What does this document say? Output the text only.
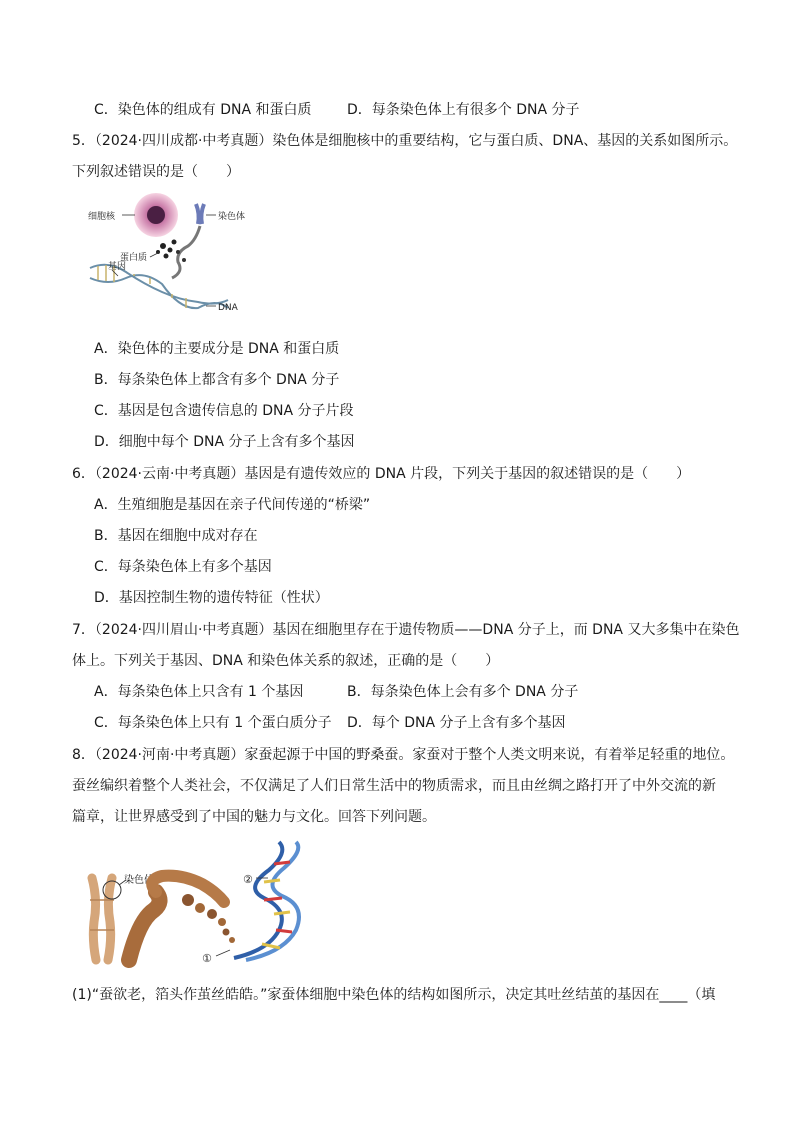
C．染色体的组成有 DNA 和蛋白质	D．每条染色体上有很多个 DNA 分子
5．（2024·四川成都·中考真题）染色体是细胞核中的重要结构，它与蛋白质、DNA、基因的关系如图所示。
下列叙述错误的是（　　）
细胞核	染色体
蛋白质
基因
DNA
A．染色体的主要成分是 DNA 和蛋白质
B．每条染色体上都含有多个 DNA 分子
C．基因是包含遗传信息的 DNA 分子片段
D．细胞中每个 DNA 分子上含有多个基因
6．（2024·云南·中考真题）基因是有遗传效应的 DNA 片段，下列关于基因的叙述错误的是（　　）
A．生殖细胞是基因在亲子代间传递的“桥梁”
B．基因在细胞中成对存在
C．每条染色体上有多个基因
D．基因控制生物的遗传特征（性状）
7．（2024·四川眉山·中考真题）基因在细胞里存在于遗传物质——DNA 分子上，而 DNA 又大多集中在染色
体上。下列关于基因、DNA 和染色体关系的叙述，正确的是（　　）
A．每条染色体上只含有 1 个基因	B．每条染色体上会有多个 DNA 分子
C．每条染色体上只有 1 个蛋白质分子 D．每个 DNA 分子上含有多个基因
8．（2024·河南·中考真题）家蚕起源于中国的野桑蚕。家蚕对于整个人类文明来说，有着举足轻重的地位。
蚕丝编织着整个人类社会，不仅满足了人们日常生活中的物质需求，而且由丝绸之路打开了中外交流的新
篇章，让世界感受到了中国的魅力与文化。回答下列问题。
染色体
①
②
(1)“蚕欲老，箔头作茧丝皓皓。”家蚕体细胞中染色体的结构如图所示，决定其吐丝结茧的基因在____（填
